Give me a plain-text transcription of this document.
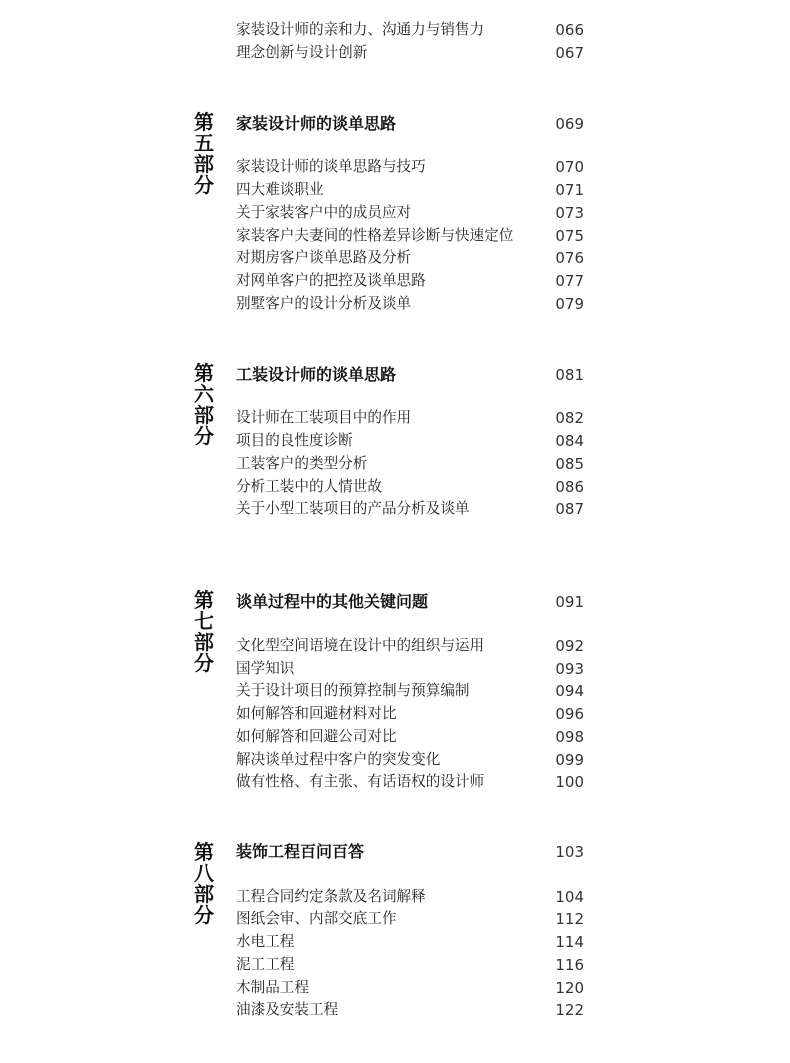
家装设计师的亲和力、沟通力与销售力	066
理念创新与设计创新	067
第
五
部
分
家装设计师的谈单思路	069
家装设计师的谈单思路与技巧	070
四大难谈职业	071
关于家装客户中的成员应对	073
家装客户夫妻间的性格差异诊断与快速定位	075
对期房客户谈单思路及分析	076
对网单客户的把控及谈单思路	077
别墅客户的设计分析及谈单	079
第
六
部
分
工装设计师的谈单思路	081
设计师在工装项目中的作用	082
项目的良性度诊断	084
工装客户的类型分析	085
分析工装中的人情世故	086
关于小型工装项目的产品分析及谈单	087
第
七
部
分
谈单过程中的其他关键问题	091
文化型空间语境在设计中的组织与运用	092
国学知识	093
关于设计项目的预算控制与预算编制	094
如何解答和回避材料对比	096
如何解答和回避公司对比	098
解决谈单过程中客户的突发变化	099
做有性格、有主张、有话语权的设计师	100
第
八
部
分
装饰工程百问百答	103
工程合同约定条款及名词解释	104
图纸会审、内部交底工作	112
水电工程	114
泥工工程	116
木制品工程	120
油漆及安装工程	122
